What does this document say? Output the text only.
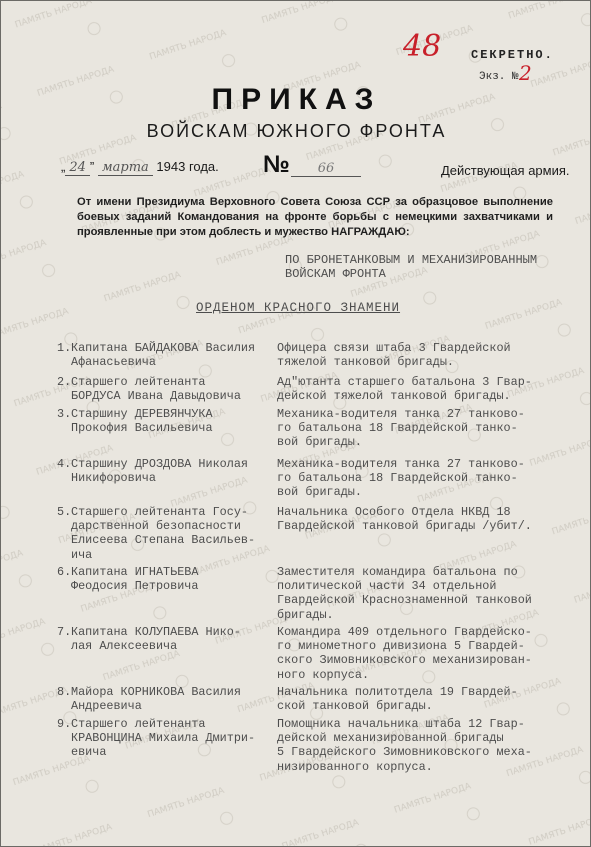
48 СЕКРЕТНО.
Экз. № 2
ПРИКАЗ
ВОЙСКАМ ЮЖНОГО ФРОНТА
„ 24 ” марта 1943 года. №	66	Действующая армия.
От имени Президиума Верховного Совета Союза ССР за образцовое выполнение боевых заданий Командования на фронте борьбы с немецкими захватчиками и проявленные при этом доблесть и мужество НАГРАЖДАЮ:
ПО БРОНЕТАНКОВЫМ И МЕХАНИЗИРОВАННЫМ ВОЙСКАМ ФРОНТА
ОРДЕНОМ КРАСНОГО ЗНАМЕНИ
1. Капитана БАЙДАКОВА Василия
Афанасьевича
Офицера связи штаба 3 Гвардейской
тяжелой танковой бригады.
2. Старшего лейтенанта
БОРДУСА Ивана Давыдовича
Ад"ютанта старшего батальона 3 Гвар-
дейской тяжелой танковой бригады.
3. Старшину ДЕРЕВЯНЧУКА
Прокофия Васильевича
Механика-водителя танка 27 танково-
го батальона 18 Гвардейской танко-
вой бригады.
4. Старшину ДРОЗДОВА Николая
Никифоровича
Механика-водителя танка 27 танково-
го батальона 18 Гвардейской танко-
вой бригады.
5. Старшего лейтенанта Госу-
дарственной безопасности
Елисеева Степана Васильев-
ича
Начальника Особого Отдела НКВД 18
Гвардейской танковой бригады /убит/.
6. Капитана ИГНАТЬЕВА
Феодосия Петровича
Заместителя командира батальона по
политической части 34 отдельной
Гвардейской Краснознаменной танковой
бригады.
7. Капитана КОЛУПАЕВА Нико-
лая Алексеевича
Командира 409 отдельного Гвардейско-
го минометного дивизиона 5 Гвардей-
ского Зимовниковского механизирован-
ного корпуса.
8. Майора КОРНИКОВА Василия
Андреевича
Начальника политотдела 19 Гвардей-
ской танковой бригады.
9. Старшего лейтенанта
КРАВОНЦИНА Михаила Дмитри-
евича
Помощника начальника штаба 12 Гвар-
дейской механизированной бригады
5 Гвардейского Зимовниковского меха-
низированного корпуса.
